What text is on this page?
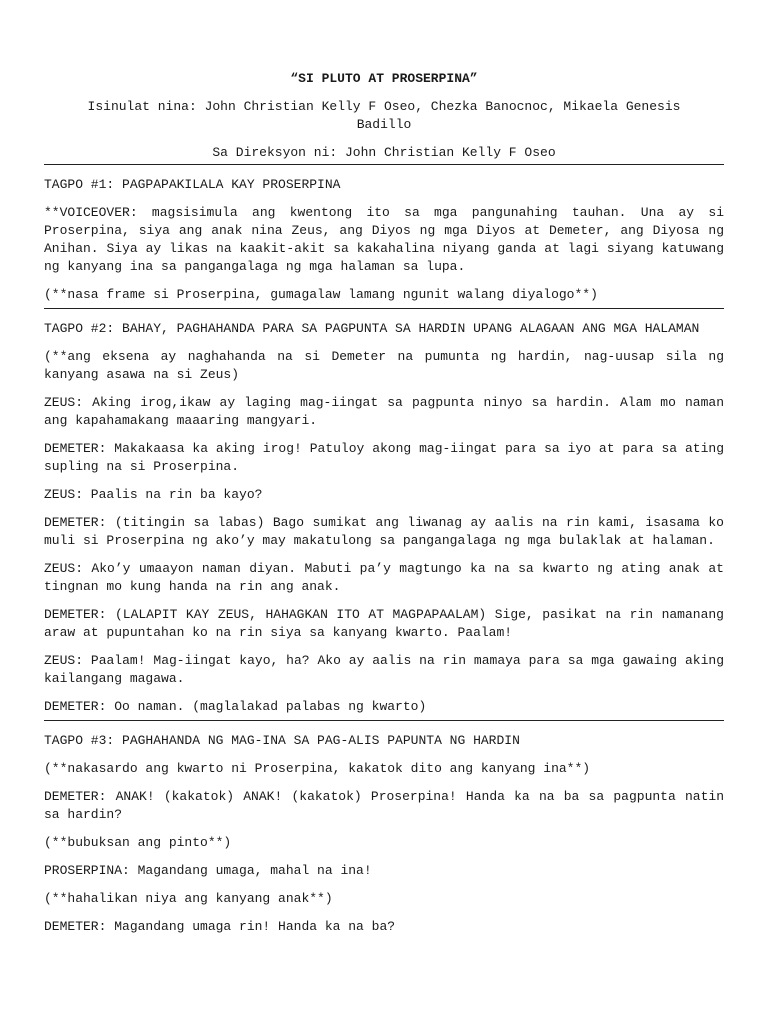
“SI PLUTO AT PROSERPINA”

Isinulat nina: John Christian Kelly F Oseo, Chezka Banocnoc, Mikaela Genesis Badillo

Sa Direksyon ni: John Christian Kelly F Oseo

TAGPO #1: PAGPAPAKILALA KAY PROSERPINA

**VOICEOVER: magsisimula ang kwentong ito sa mga pangunahing tauhan. Una ay si Proserpina, siya ang anak nina Zeus, ang Diyos ng mga Diyos at Demeter, ang Diyosa ng Anihan. Siya ay likas na kaakit-akit sa kakahalina niyang ganda at lagi siyang katuwang ng kanyang ina sa pangangalaga ng mga halaman sa lupa.

(**nasa frame si Proserpina, gumagalaw lamang ngunit walang diyalogo**)

TAGPO #2: BAHAY, PAGHAHANDA PARA SA PAGPUNTA SA HARDIN UPANG ALAGAAN ANG MGA HALAMAN

(**ang eksena ay naghahanda na si Demeter na pumunta ng hardin, nag-uusap sila ng kanyang asawa na si Zeus)

ZEUS: Aking irog,ikaw ay laging mag-iingat sa pagpunta ninyo sa hardin. Alam mo naman ang kapahamakang maaaring mangyari.

DEMETER: Makakaasa ka aking irog! Patuloy akong mag-iingat para sa iyo at para sa ating supling na si Proserpina.

ZEUS: Paalis na rin ba kayo?

DEMETER: (titingin sa labas) Bago sumikat ang liwanag ay aalis na rin kami, isasama ko muli si Proserpina ng ako’y may makatulong sa pangangalaga ng mga bulaklak at halaman.

ZEUS: Ako’y umaayon naman diyan. Mabuti pa’y magtungo ka na sa kwarto ng ating anak at tingnan mo kung handa na rin ang anak.

DEMETER: (LALAPIT KAY ZEUS, HAHAGKAN ITO AT MAGPAPAALAM) Sige, pasikat na rin namanang araw at pupuntahan ko na rin siya sa kanyang kwarto. Paalam!

ZEUS: Paalam! Mag-iingat kayo, ha? Ako ay aalis na rin mamaya para sa mga gawaing aking kailangang magawa.

DEMETER: Oo naman. (maglalakad palabas ng kwarto)

TAGPO #3: PAGHAHANDA NG MAG-INA SA PAG-ALIS PAPUNTA NG HARDIN

(**nakasardo ang kwarto ni Proserpina, kakatok dito ang kanyang ina**)

DEMETER: ANAK! (kakatok) ANAK! (kakatok) Proserpina! Handa ka na ba sa pagpunta natin sa hardin?

(**bubuksan ang pinto**)

PROSERPINA: Magandang umaga, mahal na ina!

(**hahalikan niya ang kanyang anak**)

DEMETER: Magandang umaga rin! Handa ka na ba?
